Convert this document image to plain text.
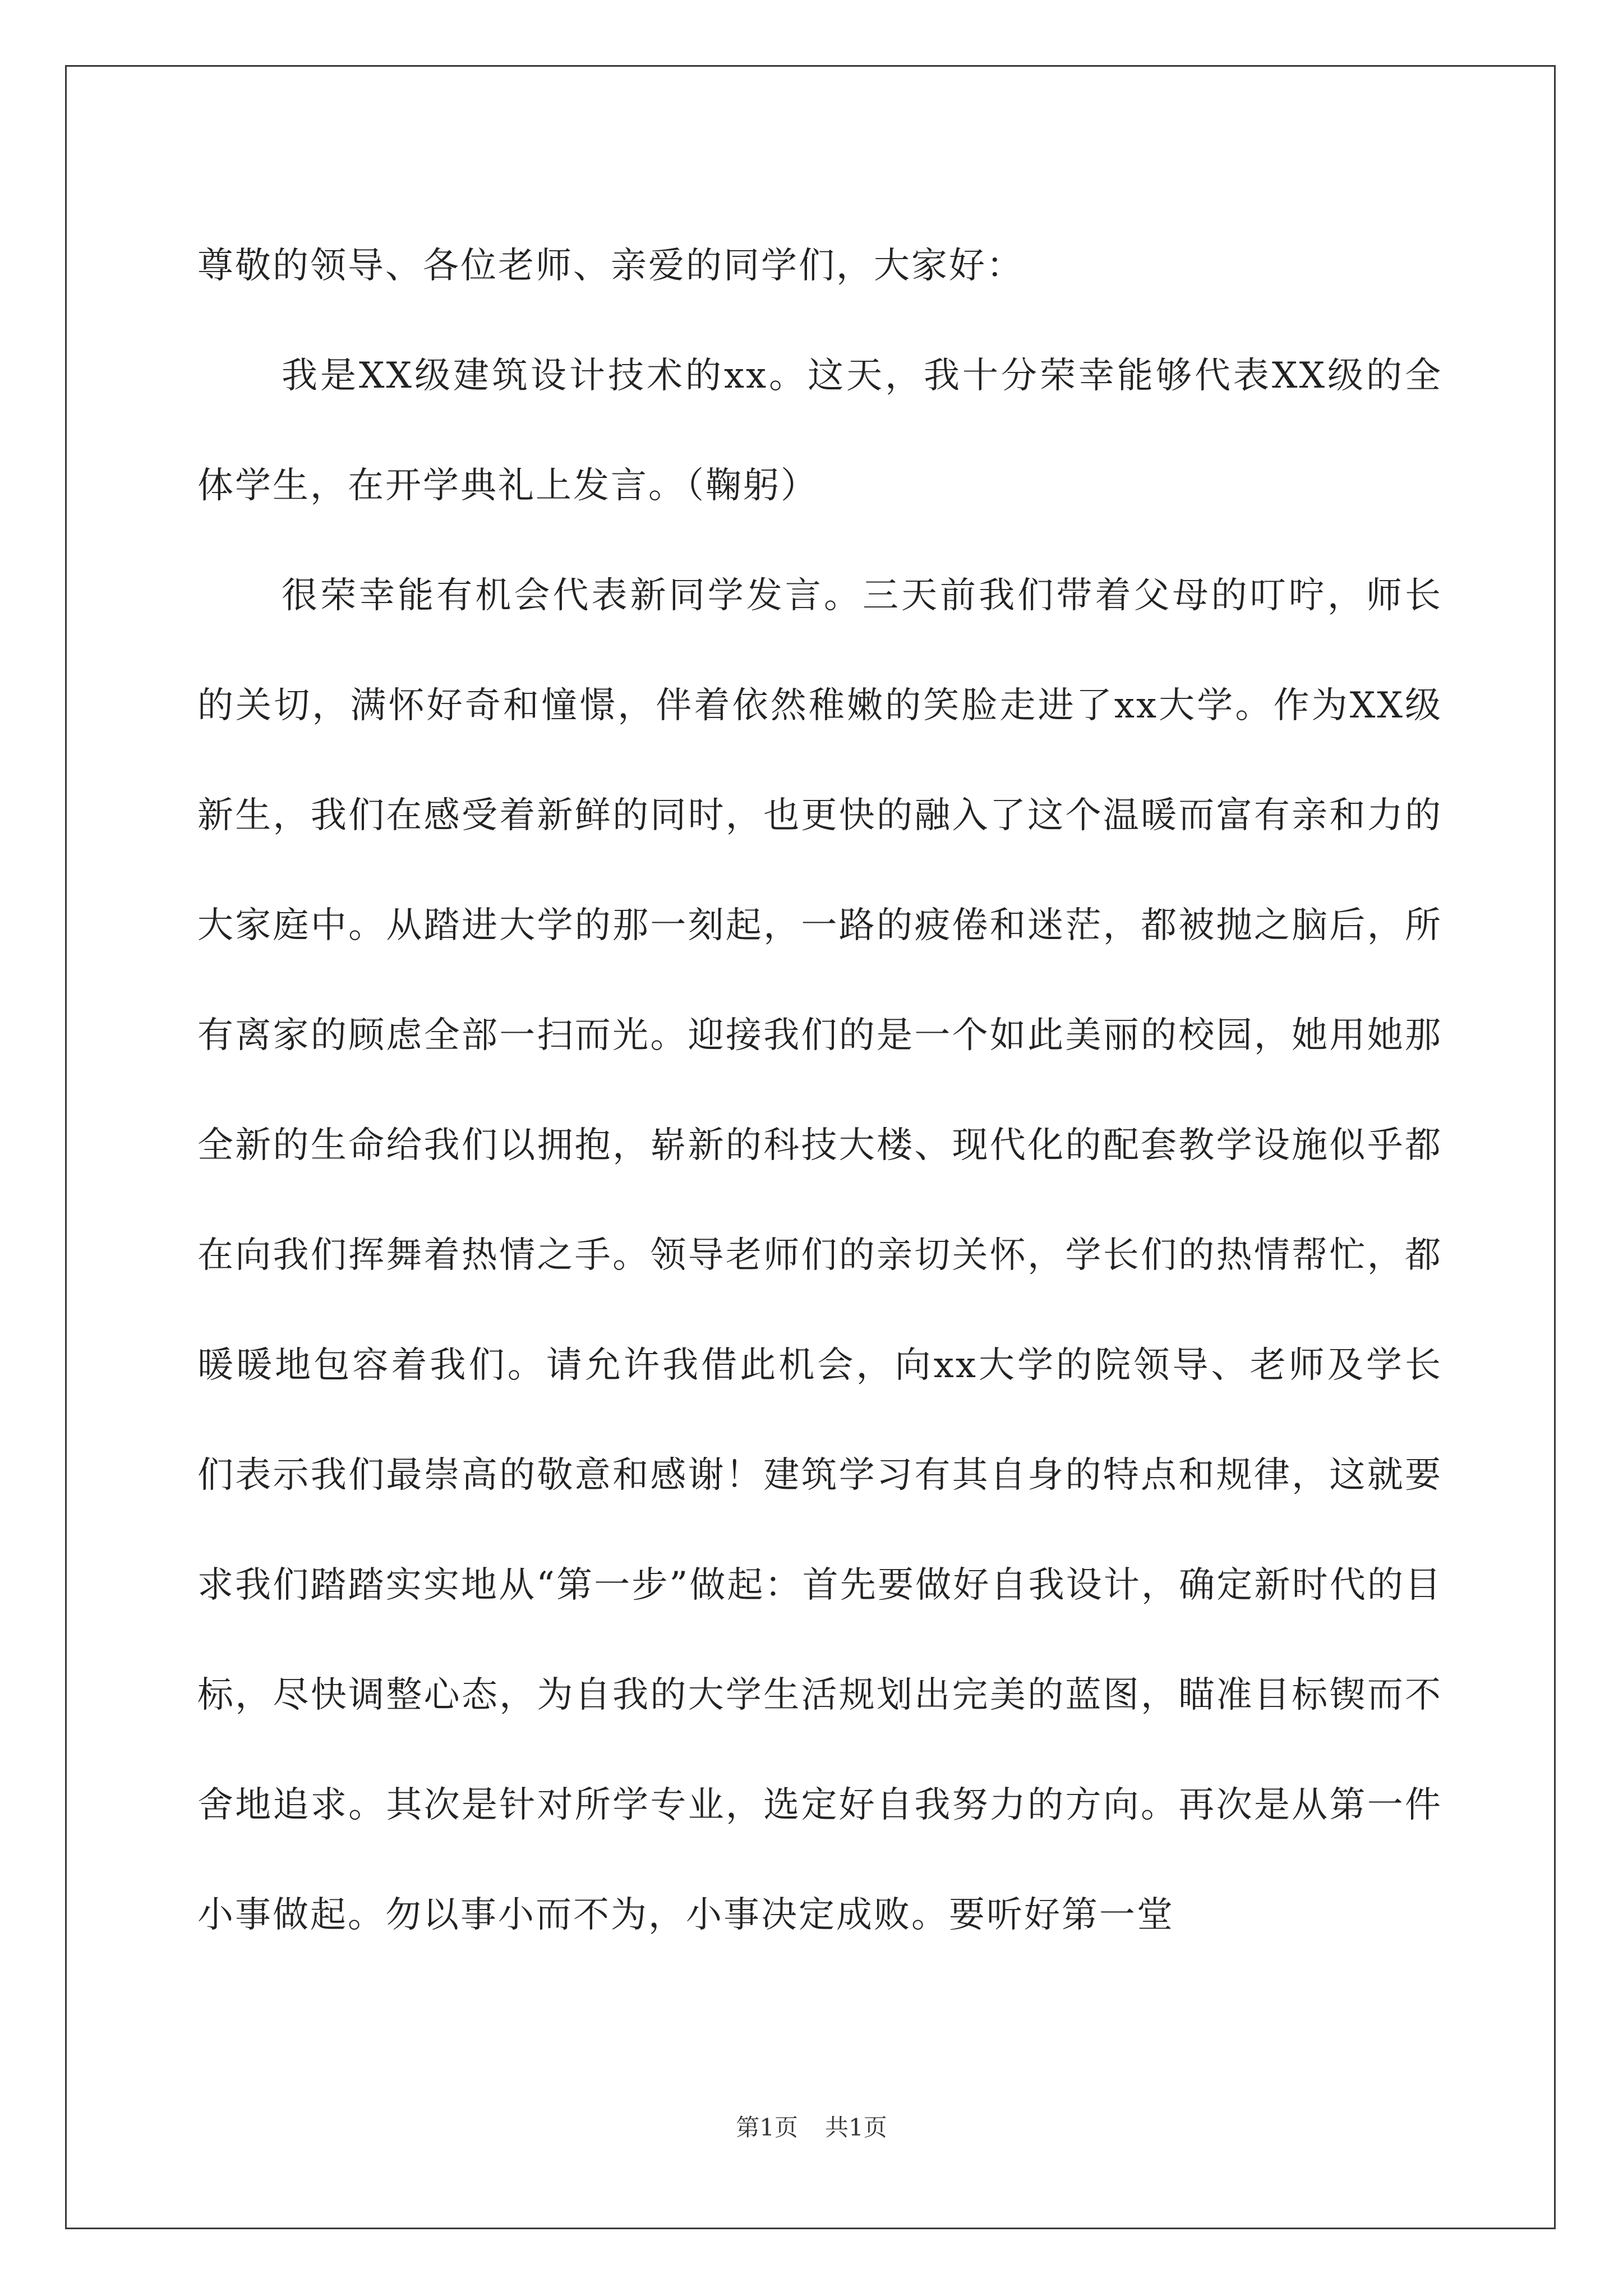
尊敬的领导、各位老师、亲爱的同学们，大家好：

我是XX级建筑设计技术的xx。这天，我十分荣幸能够代表XX级的全体学生，在开学典礼上发言。（鞠躬）

很荣幸能有机会代表新同学发言。三天前我们带着父母的叮咛，师长的关切，满怀好奇和憧憬，伴着依然稚嫩的笑脸走进了xx大学。作为XX级新生，我们在感受着新鲜的同时，也更快的融入了这个温暖而富有亲和力的大家庭中。从踏进大学的那一刻起，一路的疲倦和迷茫，都被抛之脑后，所有离家的顾虑全部一扫而光。迎接我们的是一个如此美丽的校园，她用她那全新的生命给我们以拥抱，崭新的科技大楼、现代化的配套教学设施似乎都在向我们挥舞着热情之手。领导老师们的亲切关怀，学长们的热情帮忙，都暖暖地包容着我们。请允许我借此机会，向xx大学的院领导、老师及学长们表示我们最崇高的敬意和感谢！建筑学习有其自身的特点和规律，这就要求我们踏踏实实地从“第一步”做起：首先要做好自我设计，确定新时代的目标，尽快调整心态，为自我的大学生活规划出完美的蓝图，瞄准目标锲而不舍地追求。其次是针对所学专业，选定好自我努力的方向。再次是从第一件小事做起。勿以事小而不为，小事决定成败。要听好第一堂

第1页 共1页
